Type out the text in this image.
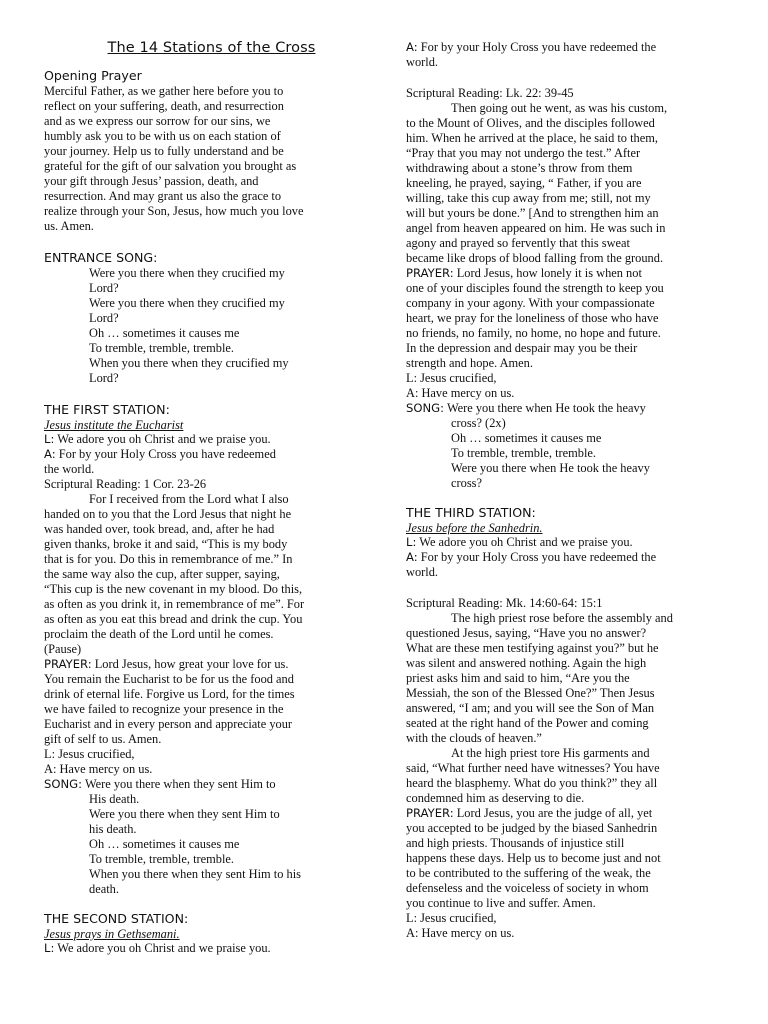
The 14 Stations of the Cross
Opening Prayer
Merciful Father, as we gather here before you to
reflect on your suffering, death, and resurrection
and as we express our sorrow for our sins, we
humbly ask you to be with us on each station of
your journey. Help us to fully understand and be
grateful for the gift of our salvation you brought as
your gift through Jesus’ passion, death, and
resurrection. And may grant us also the grace to
realize through your Son, Jesus, how much you love
us. Amen.
ENTRANCE SONG:
Were you there when they crucified my
Lord?
Were you there when they crucified my
Lord?
Oh … sometimes it causes me
To tremble, tremble, tremble.
When you there when they crucified my
Lord?
THE FIRST STATION:
Jesus institute the Eucharist
L: We adore you oh Christ and we praise you.
A: For by your Holy Cross you have redeemed
the world.
Scriptural Reading: 1 Cor. 23-26
For I received from the Lord what I also
handed on to you that the Lord Jesus that night he
was handed over, took bread, and, after he had
given thanks, broke it and said, “This is my body
that is for you. Do this in remembrance of me.” In
the same way also the cup, after supper, saying,
“This cup is the new covenant in my blood. Do this,
as often as you drink it, in remembrance of me”. For
as often as you eat this bread and drink the cup. You
proclaim the death of the Lord until he comes.
(Pause)
PRAYER: Lord Jesus, how great your love for us.
You remain the Eucharist to be for us the food and
drink of eternal life. Forgive us Lord, for the times
we have failed to recognize your presence in the
Eucharist and in every person and appreciate your
gift of self to us. Amen.
L: Jesus crucified,
A: Have mercy on us.
SONG: Were you there when they sent Him to
His death.
Were you there when they sent Him to
his death.
Oh … sometimes it causes me
To tremble, tremble, tremble.
When you there when they sent Him to his
death.
THE SECOND STATION:
Jesus prays in Gethsemani.
L: We adore you oh Christ and we praise you.
A: For by your Holy Cross you have redeemed the
world.
Scriptural Reading: Lk. 22: 39-45
Then going out he went, as was his custom,
to the Mount of Olives, and the disciples followed
him. When he arrived at the place, he said to them,
“Pray that you may not undergo the test.” After
withdrawing about a stone’s throw from them
kneeling, he prayed, saying, “ Father, if you are
willing, take this cup away from me; still, not my
will but yours be done.” [And to strengthen him an
angel from heaven appeared on him. He was such in
agony and prayed so fervently that this sweat
became like drops of blood falling from the ground.
PRAYER: Lord Jesus, how lonely it is when not
one of your disciples found the strength to keep you
company in your agony. With your compassionate
heart, we pray for the loneliness of those who have
no friends, no family, no home, no hope and future.
In the depression and despair may you be their
strength and hope. Amen.
L: Jesus crucified,
A: Have mercy on us.
SONG: Were you there when He took the heavy
cross? (2x)
Oh … sometimes it causes me
To tremble, tremble, tremble.
Were you there when He took the heavy
cross?
THE THIRD STATION:
Jesus before the Sanhedrin.
L: We adore you oh Christ and we praise you.
A: For by your Holy Cross you have redeemed the
world.
Scriptural Reading: Mk. 14:60-64: 15:1
The high priest rose before the assembly and
questioned Jesus, saying, “Have you no answer?
What are these men testifying against you?” but he
was silent and answered nothing. Again the high
priest asks him and said to him, “Are you the
Messiah, the son of the Blessed One?” Then Jesus
answered, “I am; and you will see the Son of Man
seated at the right hand of the Power and coming
with the clouds of heaven.”
At the high priest tore His garments and
said, “What further need have witnesses? You have
heard the blasphemy. What do you think?” they all
condemned him as deserving to die.
PRAYER: Lord Jesus, you are the judge of all, yet
you accepted to be judged by the biased Sanhedrin
and high priests. Thousands of injustice still
happens these days. Help us to become just and not
to be contributed to the suffering of the weak, the
defenseless and the voiceless of society in whom
you continue to live and suffer. Amen.
L: Jesus crucified,
A: Have mercy on us.
